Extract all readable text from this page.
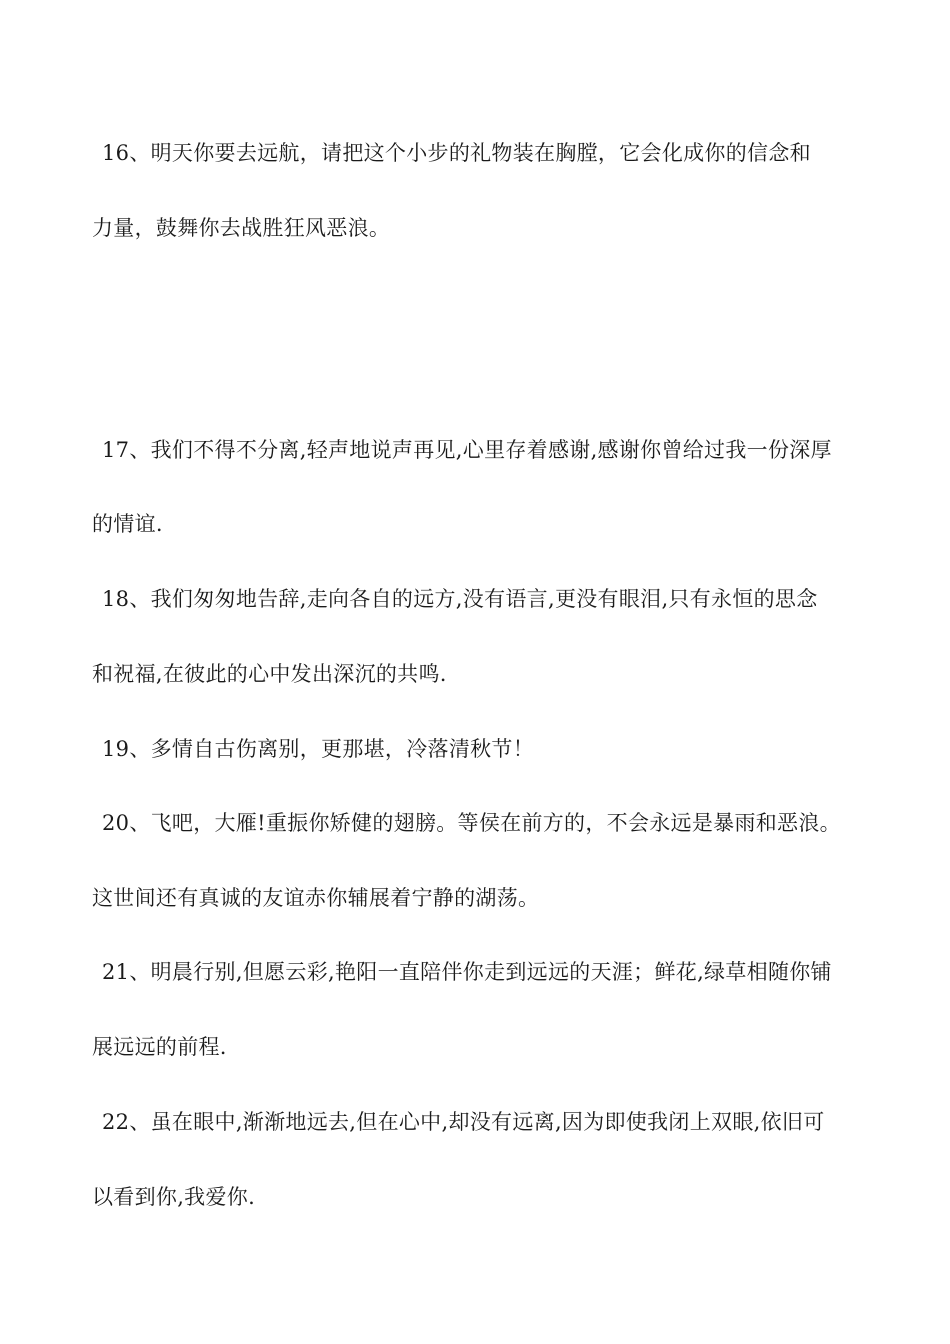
16、明天你要去远航，请把这个小步的礼物装在胸膛，它会化成你的信念和
力量，鼓舞你去战胜狂风恶浪。
17、我们不得不分离,轻声地说声再见,心里存着感谢,感谢你曾给过我一份深厚
的情谊.
18、我们匆匆地告辞,走向各自的远方,没有语言,更没有眼泪,只有永恒的思念
和祝福,在彼此的心中发出深沉的共鸣.
19、多情自古伤离别，更那堪，冷落清秋节！
20、飞吧，大雁!重振你矫健的翅膀。等侯在前方的，不会永远是暴雨和恶浪。
这世间还有真诚的友谊赤你辅展着宁静的湖荡。
21、明晨行别,但愿云彩,艳阳一直陪伴你走到远远的天涯；鲜花,绿草相随你铺
展远远的前程.
22、虽在眼中,渐渐地远去,但在心中,却没有远离,因为即使我闭上双眼,依旧可
以看到你,我爱你.
